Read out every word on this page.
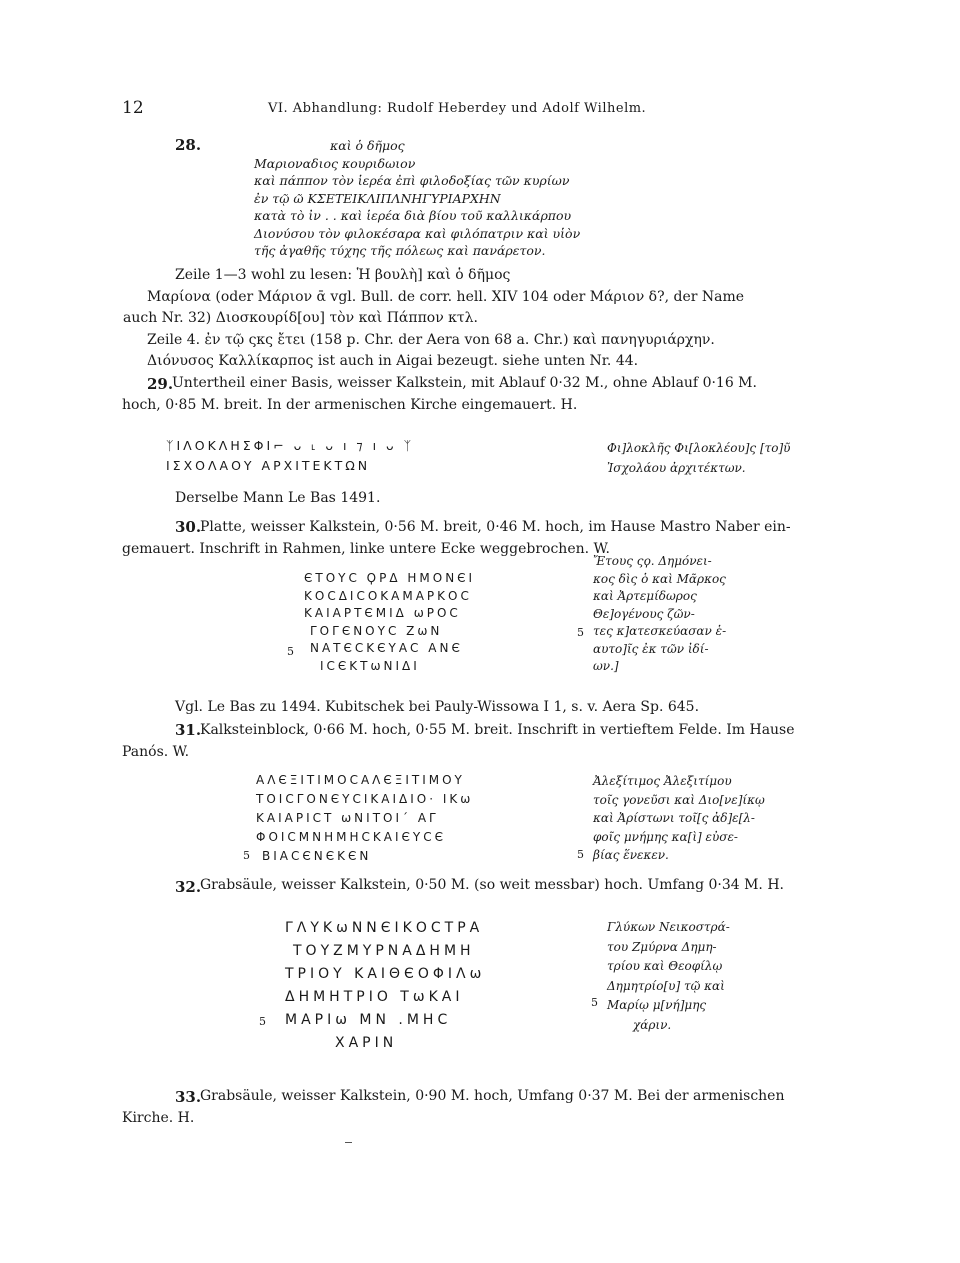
12	VI. Abhandlung: Rudolf Heberdey und Adolf Wilhelm.
28.	καὶ ὁ δῆμος
Μαριοναδιος κουριδωιον
καὶ πάππον τὸν ἱερέα ἐπὶ φιλοδοξίας τῶν κυρίων
ἐν τῷ ῶ ΚΣΕΤΕΙΚΛΙΠΛΝΗΓΥΡΙΑΡΧΗΝ
κατὰ τὸ ἰν . . καὶ ἱερέα διὰ βίου τοῦ καλλικάρπου
Διονύσου τὸν φιλοκέσαρα καὶ φιλόπατριν καὶ υἱὸν
τῆς ἀγαθῆς τύχης τῆς πόλεως καὶ πανάρετον.
Zeile 1—3 wohl zu lesen: Ἡ βουλὴ] καὶ ὁ δῆμος
Μαρίονα (oder Μάριον ᾱ vgl. Bull. de corr. hell. XIV 104 oder Μάριον δ?, der Name
auch Nr. 32) Διοσκουρίδ[ου] τὸν καὶ Πάππον κτλ.
Zeile 4. ἐν τῷ ςκς ἔτει (158 p. Chr. der Aera von 68 a. Chr.) καὶ πανηγυριάρχην.
Διόνυσος Καλλίκαρπος ist auch in Aigai bezeugt. siehe unten Nr. 44.
29.
Untertheil einer Basis, weisser Kalkstein, mit Ablauf 0·32 M., ohne Ablauf 0·16 M.
hoch, 0·85 M. breit. In der armenischen Kirche eingemauert. H.
ᛉΙΛΟΚΛΗΣΦΙ⌐ ᴗ ˪ ᴗ ı ⁊ ı ᴗ ᛉ
ΙΣΧΟΛΑΟΥ ΑΡΧΙΤΕΚΤΩΝ
Φι]λοκλῆς Φι[λοκλέου]ς [το]ῦ
Ἰσχολάου ἀρχιτέκτων.
Derselbe Mann Le Bas 1491.
30.
Platte, weisser Kalkstein, 0·56 M. breit, 0·46 M. hoch, im Hause Mastro Naber ein-
gemauert. Inschrift in Rahmen, linke untere Ecke weggebrochen. W.
ЄΤΟΥϹ ϘΡΔ ΗΜΟΝЄΙ
ΚΟϹΔΙϹΟΚΑΜΑΡΚΟϹ
ΚΑΙΑΡΤЄΜΙΔ ωΡΟϹ
ΓΟΓЄΝΟΥϹ ΖωΝ
ΝΑΤЄϹΚЄΥΑϹ ΑΝЄ
ΙϹЄΚΤωΝΙΔΙ
5
Ἔτους ςϙ. Δημόνει-
κος δὶς ὁ καὶ Μᾶρκος
καὶ Ἀρτεμίδωρος
Θε]ογένους ζῶν-
τες κ]ατεσκεύασαν ἑ-
αυτο]ῖς ἐκ τῶν ἰδί-
ων.]
5
Vgl. Le Bas zu 1494. Kubitschek bei Pauly-Wissowa I 1, s. v. Aera Sp. 645.
31.
Kalksteinblock, 0·66 M. hoch, 0·55 M. breit. Inschrift in vertieftem Felde. Im Hause
Panós. W.
ΑΛЄΞΙΤΙΜΟϹΑΛЄΞΙΤΙΜΟΥ
ΤΟΙϹΓΟΝЄΥϹΙΚΑΙΔΙΟ⋅ ΙΚω
ΚΑΙΑΡΙϹΤ ωΝΙΤΟΙ΄ ΑΓ
ΦΟΙϹΜΝΗΜΗϹΚΑΙЄΥϹЄ
ΒΙΑϹЄΝЄΚЄΝ
5
Ἀλεξίτιμος Ἀλεξιτίμου
τοῖς γονεῦσι καὶ Διο[νε]ίκῳ
καὶ Ἀρίστωνι τοῖ[ς ἀδ]ε[λ-
φοῖς μνήμης κα[ὶ] εὐσε-
βίας ἕνεκεν.
5
32.
Grabsäule, weisser Kalkstein, 0·50 M. (so weit messbar) hoch. Umfang 0·34 M. H.
ΓΛΥΚωΝΝЄΙΚΟϹΤΡΑ
ΤΟΥΖΜΥΡΝΑΔΗΜΗ
ΤΡΙΟΥ ΚΑΙΘЄΟΦΙΛω
ΔΗΜΗΤΡΙΟ ΤωΚΑΙ
ΜΑΡΙω ΜΝ .ΜΗϹ
ΧΑΡΙΝ
5
Γλύκων Νεικοστρά-
του Ζμύρνα Δημη-
τρίου καὶ Θεοφίλῳ
Δημητρίο[υ] τῷ καὶ
Μαρίῳ μ[νή]μης
χάριν.
5
33.
Grabsäule, weisser Kalkstein, 0·90 M. hoch, Umfang 0·37 M. Bei der armenischen
Kirche. H.
